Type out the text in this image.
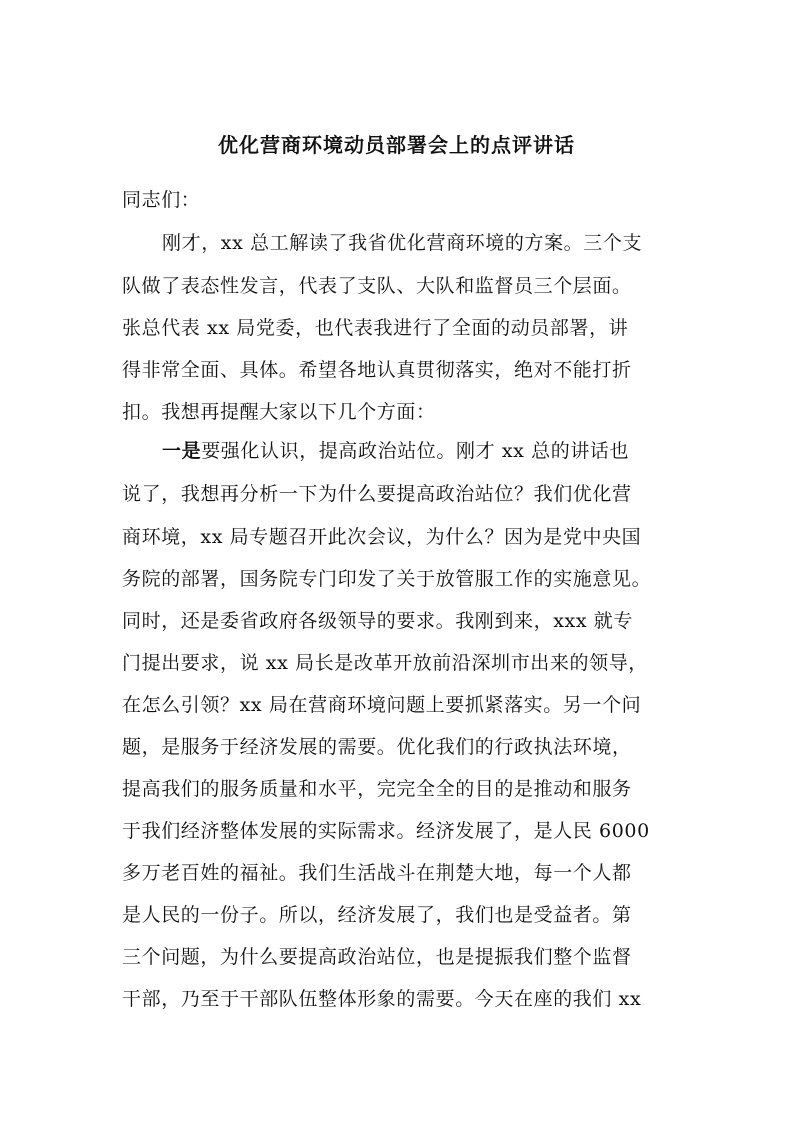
优化营商环境动员部署会上的点评讲话
同志们：
刚才，xx 总工解读了我省优化营商环境的方案。三个支
队做了表态性发言，代表了支队、大队和监督员三个层面。
张总代表 xx 局党委，也代表我进行了全面的动员部署，讲
得非常全面、具体。希望各地认真贯彻落实，绝对不能打折
扣。我想再提醒大家以下几个方面：
一是要强化认识，提高政治站位。刚才 xx 总的讲话也
说了，我想再分析一下为什么要提高政治站位？我们优化营
商环境，xx 局专题召开此次会议，为什么？因为是党中央国
务院的部署，国务院专门印发了关于放管服工作的实施意见。
同时，还是委省政府各级领导的要求。我刚到来，xxx 就专
门提出要求，说 xx 局长是改革开放前沿深圳市出来的领导，
在怎么引领？xx 局在营商环境问题上要抓紧落实。另一个问
题，是服务于经济发展的需要。优化我们的行政执法环境，
提高我们的服务质量和水平，完完全全的目的是推动和服务
于我们经济整体发展的实际需求。经济发展了，是人民 6000
多万老百姓的福祉。我们生活战斗在荆楚大地，每一个人都
是人民的一份子。所以，经济发展了，我们也是受益者。第
三个问题，为什么要提高政治站位，也是提振我们整个监督
干部，乃至于干部队伍整体形象的需要。今天在座的我们 xx
